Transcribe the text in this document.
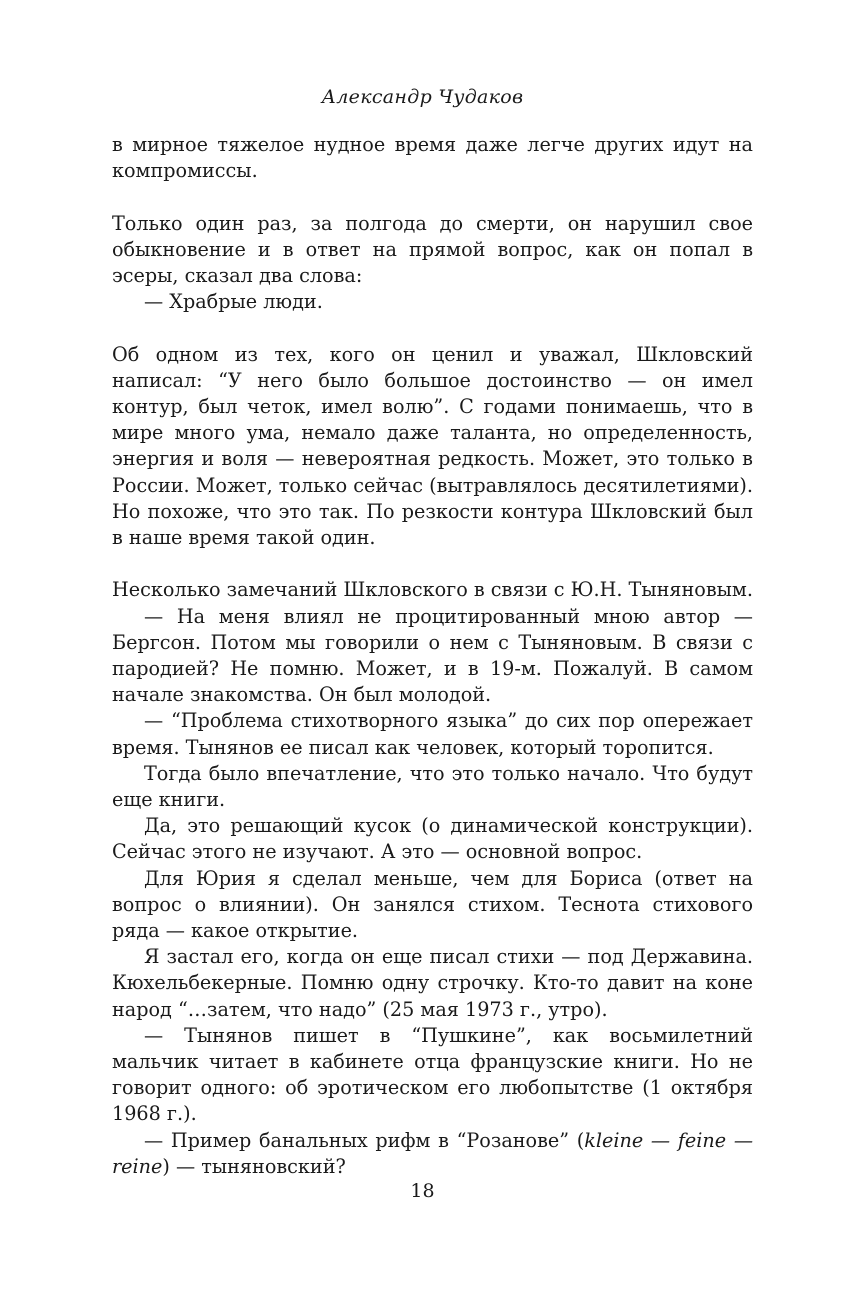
Александр Чудаков

в мирное тяжелое нудное время даже легче других идут на компромиссы.

Только один раз, за полгода до смерти, он нарушил свое обыкновение и в ответ на прямой вопрос, как он попал в эсеры, сказал два слова:

— Храбрые люди.

Об одном из тех, кого он ценил и уважал, Шкловский написал: “У него было большое достоинство — он имел контур, был четок, имел волю”. С годами понимаешь, что в мире много ума, немало даже таланта, но определенность, энергия и воля — невероятная редкость. Может, это только в России. Может, только сейчас (вытравлялось десятилетиями). Но похоже, что это так. По резкости контура Шкловский был в наше время такой один.

Несколько замечаний Шкловского в связи с Ю.Н. Тыняновым.

— На меня влиял не процитированный мною автор — Бергсон. Потом мы говорили о нем с Тыняновым. В связи с пародией? Не помню. Может, и в 19-м. Пожалуй. В самом начале знакомства. Он был молодой.

— “Проблема стихотворного языка” до сих пор опережает время. Тынянов ее писал как человек, который торопится.

Тогда было впечатление, что это только начало. Что будут еще книги.

Да, это решающий кусок (о динамической конструкции). Сейчас этого не изучают. А это — основной вопрос.

Для Юрия я сделал меньше, чем для Бориса (ответ на вопрос о влиянии). Он занялся стихом. Теснота стихового ряда — какое открытие.

Я застал его, когда он еще писал стихи — под Державина. Кюхельбекерные. Помню одну строчку. Кто-то давит на коне народ “…затем, что надо” (25 мая 1973 г., утро).

— Тынянов пишет в “Пушкине”, как восьмилетний мальчик читает в кабинете отца французские книги. Но не говорит одного: об эротическом его любопытстве (1 октября 1968 г.).

— Пример банальных рифм в “Розанове” (kleine — feine — reine) — тыняновский?

18
